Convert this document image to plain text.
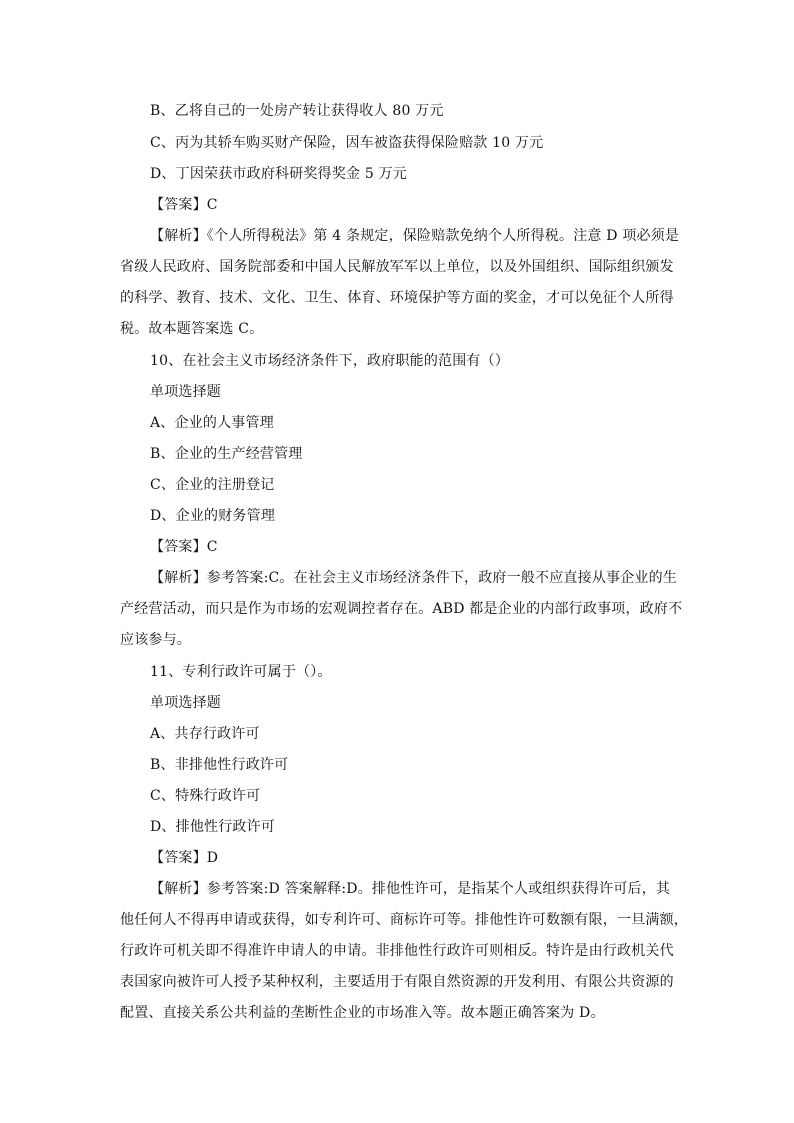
B、乙将自己的一处房产转让获得收人 80 万元
C、丙为其轿车购买财产保险，因车被盗获得保险赔款 10 万元
D、丁因荣获市政府科研奖得奖金 5 万元
【答案】C
【解析】《个人所得税法》第 4 条规定，保险赔款免纳个人所得税。注意 D 项必须是
省级人民政府、国务院部委和中国人民解放军军以上单位，以及外国组织、国际组织颁发
的科学、教育、技术、文化、卫生、体育、环境保护等方面的奖金，才可以免征个人所得
税。故本题答案选 C。
10、在社会主义市场经济条件下，政府职能的范围有（）
单项选择题
A、企业的人事管理
B、企业的生产经营管理
C、企业的注册登记
D、企业的财务管理
【答案】C
【解析】参考答案:C。在社会主义市场经济条件下，政府一般不应直接从事企业的生
产经营活动，而只是作为市场的宏观调控者存在。ABD 都是企业的内部行政事项，政府不
应该参与。
11、专利行政许可属于（）。
单项选择题
A、共存行政许可
B、非排他性行政许可
C、特殊行政许可
D、排他性行政许可
【答案】D
【解析】参考答案:D 答案解释:D。排他性许可，是指某个人或组织获得许可后，其
他任何人不得再申请或获得，如专利许可、商标许可等。排他性许可数额有限，一旦满额，
行政许可机关即不得准许申请人的申请。非排他性行政许可则相反。特许是由行政机关代
表国家向被许可人授予某种权利，主要适用于有限自然资源的开发利用、有限公共资源的
配置、直接关系公共利益的垄断性企业的市场准入等。故本题正确答案为 D。
